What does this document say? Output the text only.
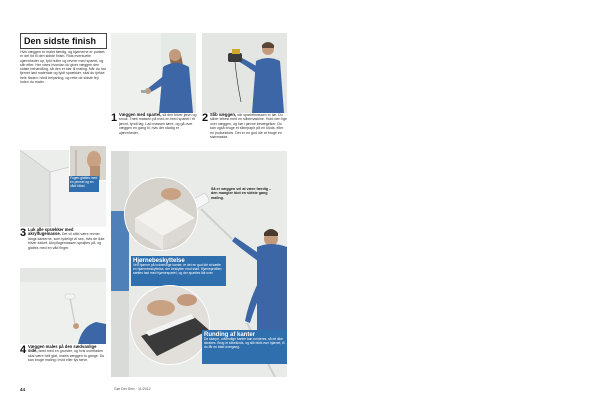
Den sidste finish
Hvis væggen er malet færdig, og hjørnerne er pudset, er det tid til den sidste finish. Rids eventuelle ujævnheder op, fyld huller og revner med spartel, og slib efter. Her vises hvordan du giver væggen den sidste behandling, så den er klar til maling. Når du har fjernet løst materiale og fyldt sprækker, skal du tjekke hele fladen i skrå belysning, og rette de sidste fejl inden du maler.
1 Væggen med spartel, så den bliver jævn og smuk. Træk massen på med en bred spartel i ét jævnt, tyndt lag. Lad massen tørre, og gå over væggen en gang til, hvis der stadig er ujævnheder.
2 Slib væggen, når spartelmassen er tør. Du sliber lettest med en slibemaskine. Hold den lige over væggen, og kør i jævne bevægelser. Du kan også bruge et slibepapir på en klods, eller en pudseklods. Det er en god idé at bruge en støvmaske.
Fugen glattes med en pensel og en vådt hånd.
3 Luk alle sprækker med akrylfugemasse. Det vil altid være revner langs kanterne, som tydeligt vil ses, hvis de ikke bliver lukket. Akrylfugemassen sprøjtes på, og glattes med en våd finger.
4 Væggen males på den sædvanlige side, først med en grunder, og hvis overfladen skal være helt glat, males væggen to gange. Du kan bruge maling i hvid eller lys farve.
Så er væggen vel at være færdig – den mangler blot en sidste gang maling.
Hjørnebeskyttelse
Ved hjørner på indvendige kanter, er det en god idé at sætte en hjørnebeskyttelse, der beskytter mod stød. Hjørneprofilen sættes fast med hjørnespartel, og der spartles lidt over.
Runding af kanter
De skarpe, udvendige kanter kan runderes, så de ikke skrabes. Brug et slibeklods, og slib blidt over hjørnet, til du får en blød overgang.
44	Gør Det Selv · 11/2012
